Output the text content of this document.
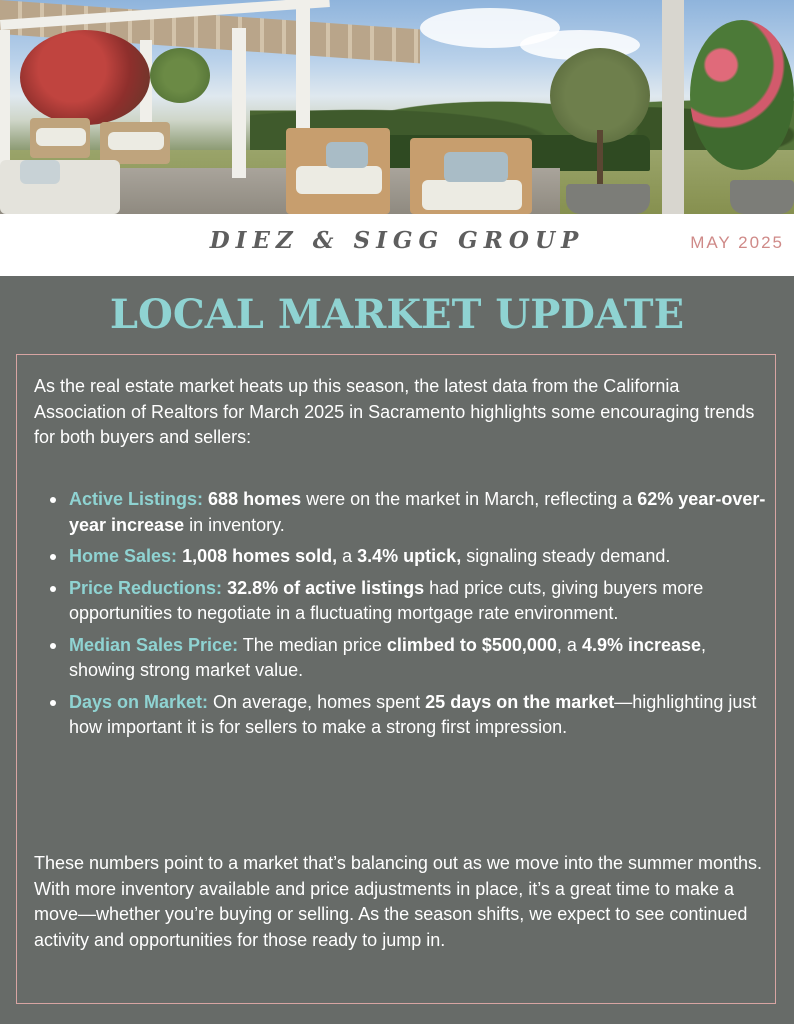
DIEZ & SIGG GROUP	MAY 2025
LOCAL MARKET UPDATE

As the real estate market heats up this season, the latest data from the California Association of Realtors for March 2025 in Sacramento highlights some encouraging trends for both buyers and sellers:

Active Listings: 688 homes were on the market in March, reflecting a 62% year-over-year increase in inventory.
Home Sales: 1,008 homes sold, a 3.4% uptick, signaling steady demand.
Price Reductions: 32.8% of active listings had price cuts, giving buyers more opportunities to negotiate in a fluctuating mortgage rate environment.
Median Sales Price: The median price climbed to $500,000, a 4.9% increase, showing strong market value.
Days on Market: On average, homes spent 25 days on the market—highlighting just how important it is for sellers to make a strong first impression.

These numbers point to a market that’s balancing out as we move into the summer months. With more inventory available and price adjustments in place, it’s a great time to make a move—whether you’re buying or selling. As the season shifts, we expect to see continued activity and opportunities for those ready to jump in.
